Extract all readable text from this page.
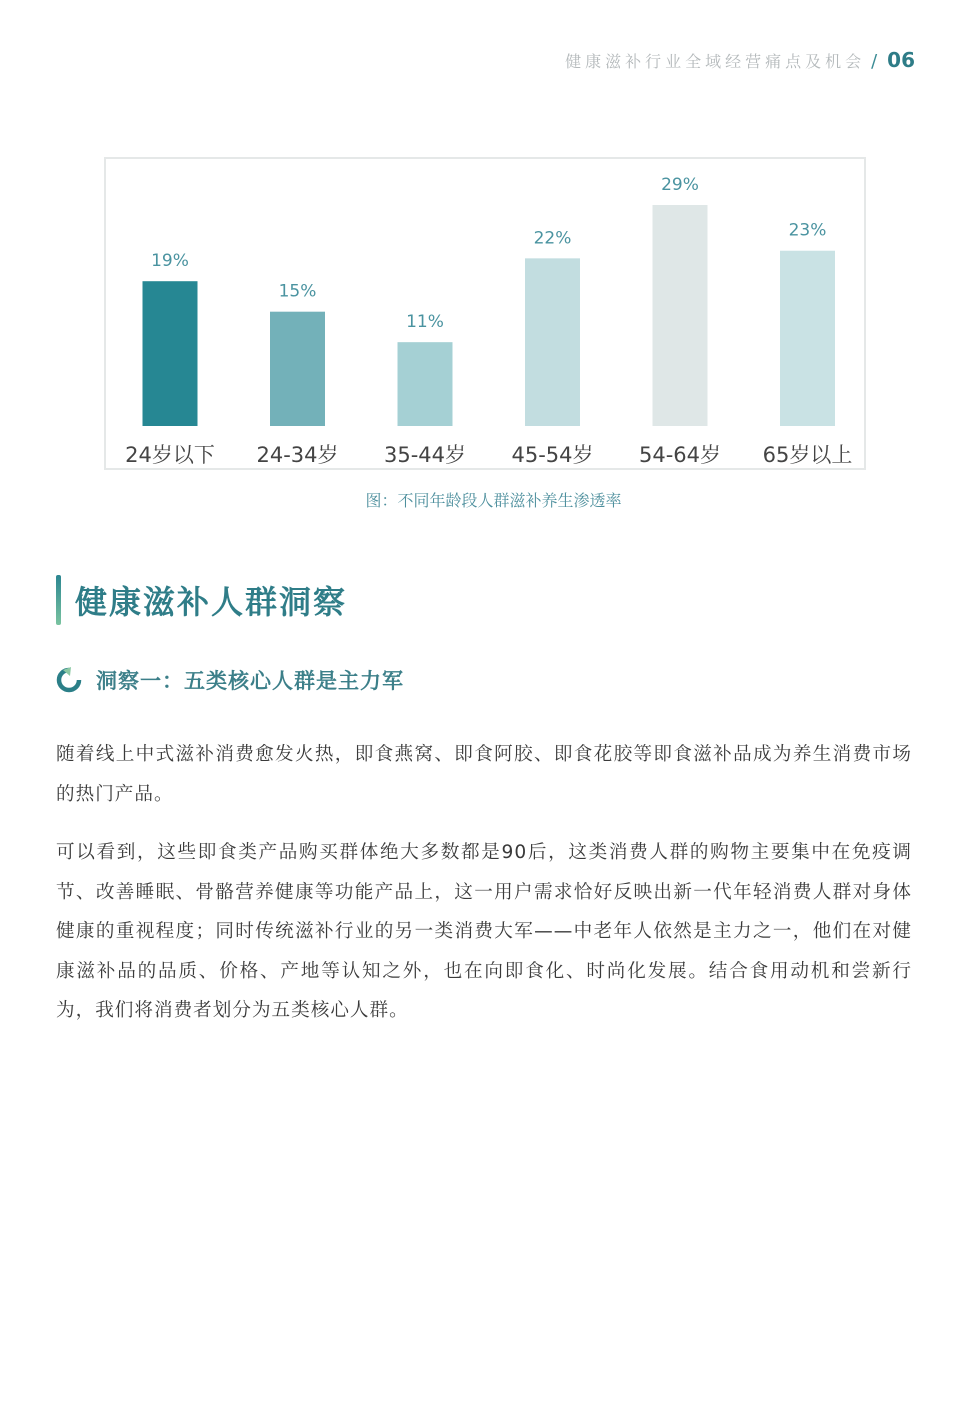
健康滋补行业全域经营痛点及机会 / 06
19%
24岁以下
15%
24-34岁
11%
35-44岁
22%
45-54岁
29%
54-64岁
23%
65岁以上
图：不同年龄段人群滋补养生渗透率
健康滋补人群洞察
洞察一：五类核心人群是主力军

随着线上中式滋补消费愈发火热，即食燕窝、即食阿胶、即食花胶等即食滋补品成为养生消费市场的热门产品。

可以看到，这些即食类产品购买群体绝大多数都是90后，这类消费人群的购物主要集中在免疫调节、改善睡眠、骨骼营养健康等功能产品上，这一用户需求恰好反映出新一代年轻消费人群对身体健康的重视程度；同时传统滋补行业的另一类消费大军——中老年人依然是主力之一，他们在对健康滋补品的品质、价格、产地等认知之外，也在向即食化、时尚化发展。结合食用动机和尝新行为，我们将消费者划分为五类核心人群。
